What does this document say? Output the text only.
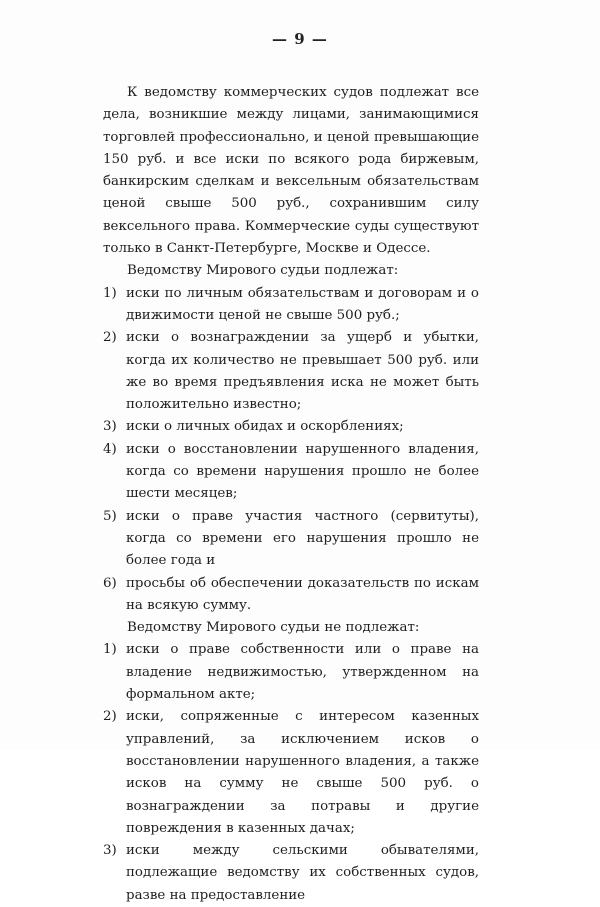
— 9 —

К ведомству коммерческих судов подлежат все дела, возникшие между лицами, занимающимися торговлей профессионально, и ценой превышающие 150 руб. и все иски по всякого рода биржевым, банкирским сделкам и вексельным обязательствам ценой свыше 500 руб., сохранившим силу вексельного права. Коммерческие суды существуют только в Санкт-Петербурге, Москве и Одессе.

Ведомству Мирового судьи подлежат:

1) иски по личным обязательствам и договорам и о движимости ценой не свыше 500 руб.;
2) иски о вознаграждении за ущерб и убытки, когда их количество не превышает 500 руб. или же во время предъявления иска не может быть положительно известно;
3) иски о личных обидах и оскорблениях;
4) иски о восстановлении нарушенного владения, когда со времени нарушения прошло не более шести месяцев;
5) иски о праве участия частного (сервитуты), когда со времени его нарушения прошло не более года и
6) просьбы об обеспечении доказательств по искам на всякую сумму.

Ведомству Мирового судьи не подлежат:

1) иски о праве собственности или о праве на владение недвижимостью, утвержденном на формальном акте;
2) иски, сопряженные с интересом казенных управлений, за исключением исков о восстановлении нарушенного владения, а также исков на сумму не свыше 500 руб. о вознаграждении за потравы и другие повреждения в казенных дачах;
3) иски между сельскими обывателями, подлежащие ведомству их собственных судов, разве на предоставление
